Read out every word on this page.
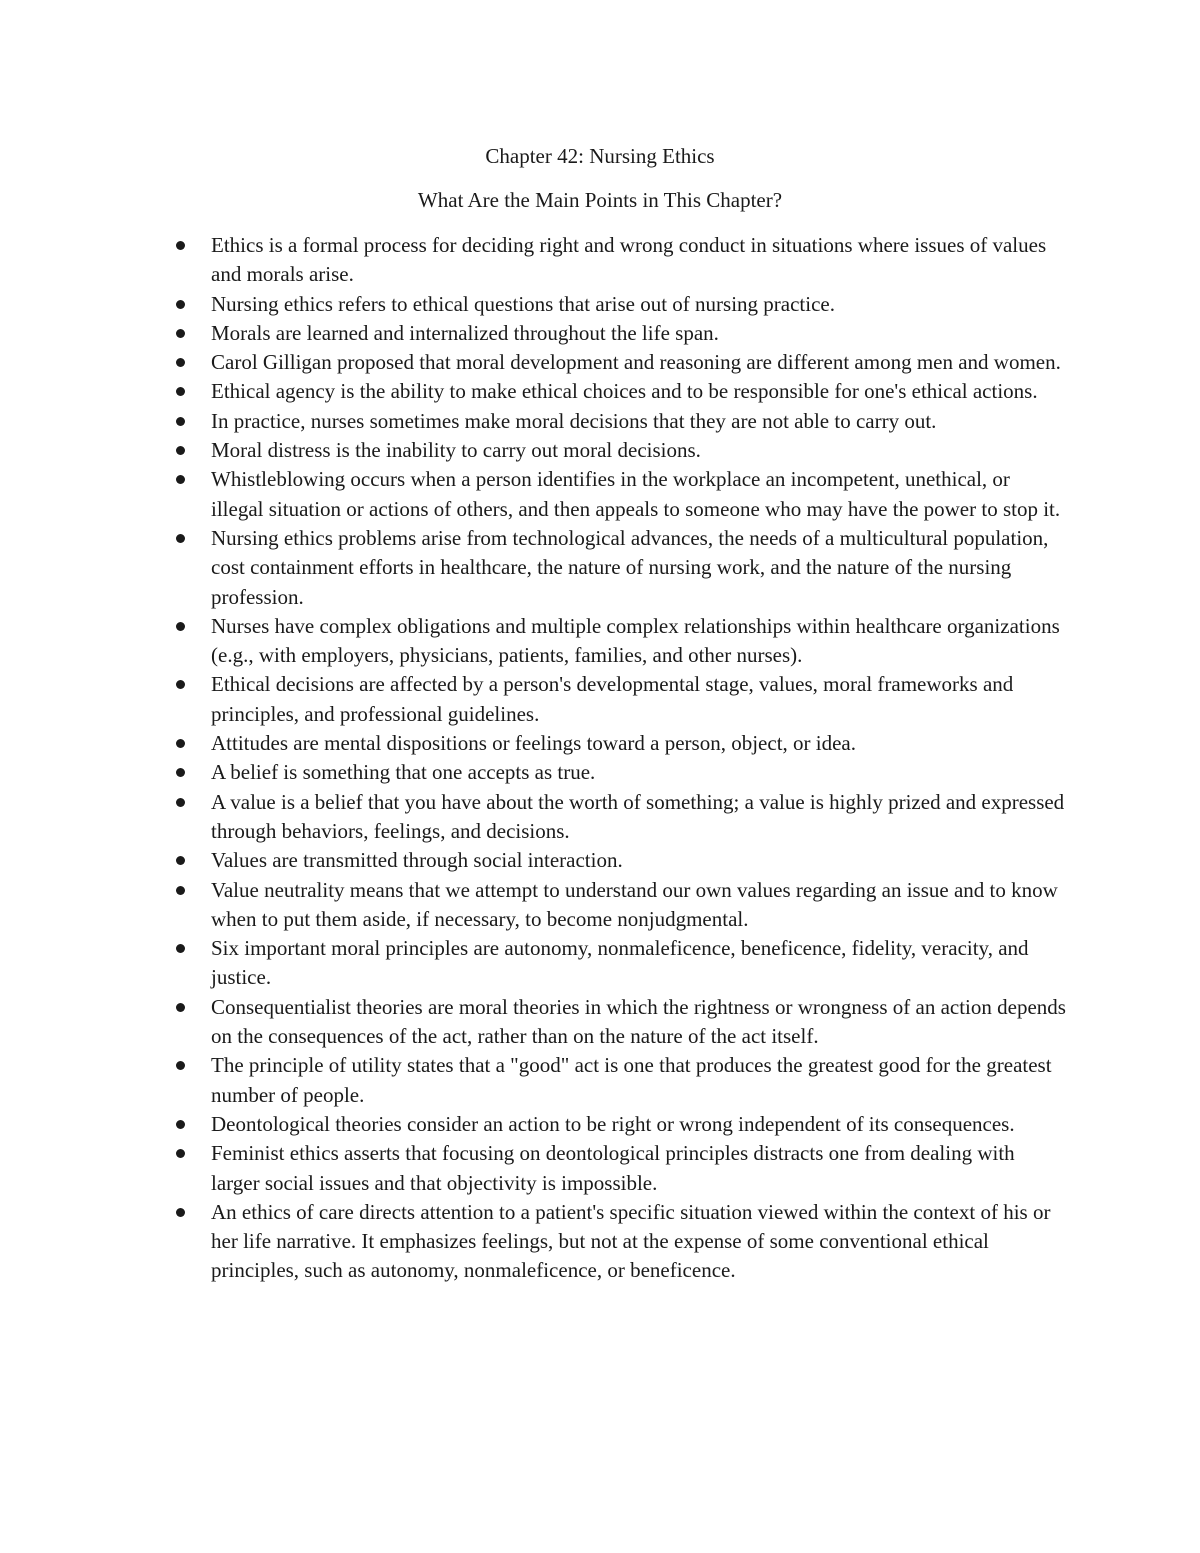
Chapter 42: Nursing Ethics
What Are the Main Points in This Chapter?
Ethics is a formal process for deciding right and wrong conduct in situations where issues of values and morals arise.
Nursing ethics refers to ethical questions that arise out of nursing practice.
Morals are learned and internalized throughout the life span.
Carol Gilligan proposed that moral development and reasoning are different among men and women.
Ethical agency is the ability to make ethical choices and to be responsible for one's ethical actions.
In practice, nurses sometimes make moral decisions that they are not able to carry out.
Moral distress is the inability to carry out moral decisions.
Whistleblowing occurs when a person identifies in the workplace an incompetent, unethical, or illegal situation or actions of others, and then appeals to someone who may have the power to stop it.
Nursing ethics problems arise from technological advances, the needs of a multicultural population, cost containment efforts in healthcare, the nature of nursing work, and the nature of the nursing profession.
Nurses have complex obligations and multiple complex relationships within healthcare organizations (e.g., with employers, physicians, patients, families, and other nurses).
Ethical decisions are affected by a person's developmental stage, values, moral frameworks and principles, and professional guidelines.
Attitudes are mental dispositions or feelings toward a person, object, or idea.
A belief is something that one accepts as true.
A value is a belief that you have about the worth of something; a value is highly prized and expressed through behaviors, feelings, and decisions.
Values are transmitted through social interaction.
Value neutrality means that we attempt to understand our own values regarding an issue and to know when to put them aside, if necessary, to become nonjudgmental.
Six important moral principles are autonomy, nonmaleficence, beneficence, fidelity, veracity, and justice.
Consequentialist theories are moral theories in which the rightness or wrongness of an action depends on the consequences of the act, rather than on the nature of the act itself.
The principle of utility states that a "good" act is one that produces the greatest good for the greatest number of people.
Deontological theories consider an action to be right or wrong independent of its consequences.
Feminist ethics asserts that focusing on deontological principles distracts one from dealing with larger social issues and that objectivity is impossible.
An ethics of care directs attention to a patient's specific situation viewed within the context of his or her life narrative. It emphasizes feelings, but not at the expense of some conventional ethical principles, such as autonomy, nonmaleficence, or beneficence.
